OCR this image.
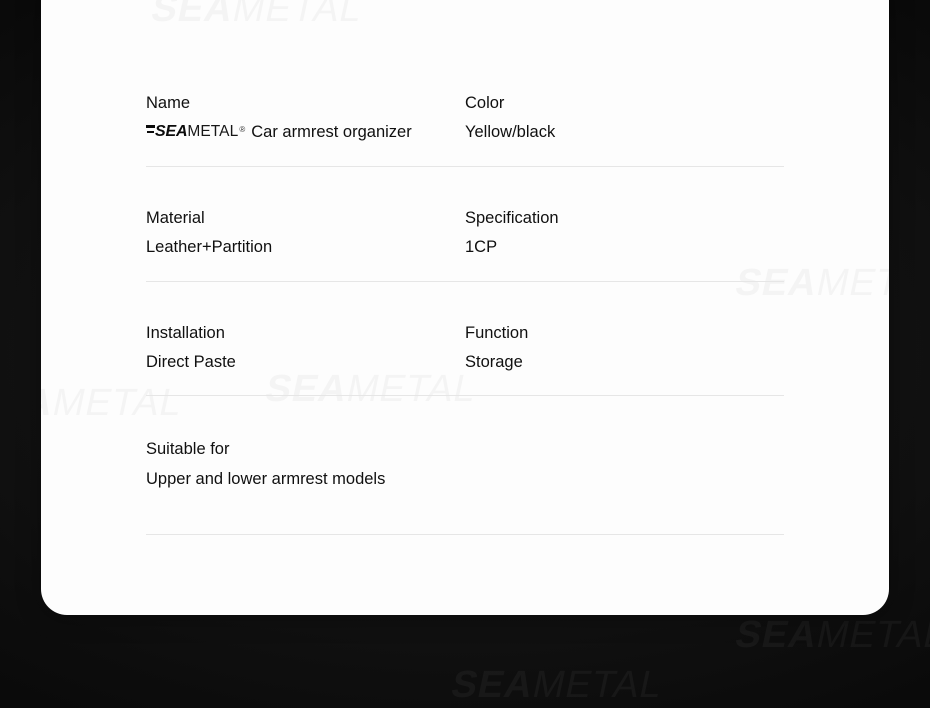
Name
SEA METAL ® Car armrest organizer
Color
Yellow/black
Material
Leather+Partition
Specification
1CP
Installation
Direct Paste
Function
Storage
Suitable for
Upper and lower armrest models
